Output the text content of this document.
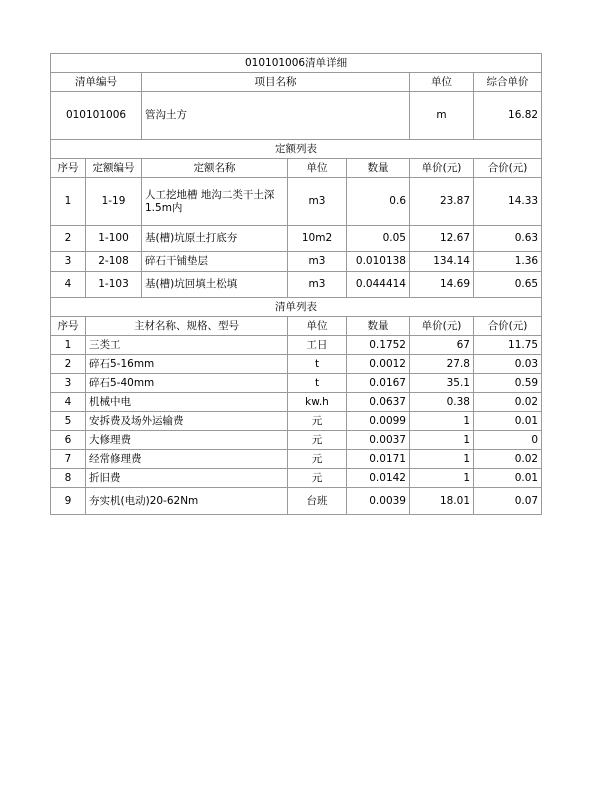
010101006清单详细						
清单编号		项目名称			单位	综合单价
010101006		管沟土方			m	16.82
定额列表						
序号	定额编号	定额名称	单位	数量	单价(元)	合价(元)
1	1-19	人工挖地槽 地沟二类干土深1.5m内	m3	0.6	23.87	14.33
2	1-100	基(槽)坑原土打底夯	10m2	0.05	12.67	0.63
3	2-108	碎石干铺垫层	m3	0.010138	134.14	1.36
4	1-103	基(槽)坑回填土松填	m3	0.044414	14.69	0.65
清单列表						
序号	主材名称、规格、型号		单位	数量	单价(元)	合价(元)
1	三类工		工日	0.1752	67	11.75
2	碎石5-16mm		t	0.0012	27.8	0.03
3	碎石5-40mm		t	0.0167	35.1	0.59
4	机械中电		kw.h	0.0637	0.38	0.02
5	安拆费及场外运输费		元	0.0099	1	0.01
6	大修理费		元	0.0037	1	0
7	经常修理费		元	0.0171	1	0.02
8	折旧费		元	0.0142	1	0.01
9	夯实机(电动)20-62Nm		台班	0.0039	18.01	0.07
